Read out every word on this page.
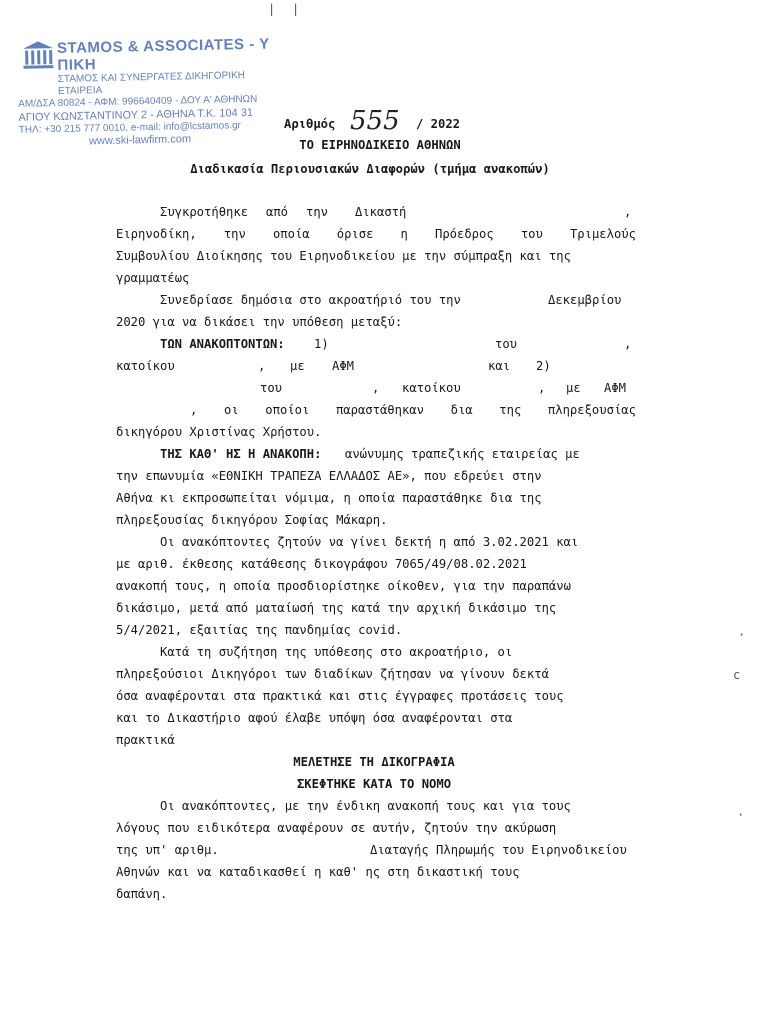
STAMOS & ASSOCIATES - Y ΠΙΚΗ
ΣΤΑΜΟΣ ΚΑΙ ΣΥΝΕΡΓΑΤΕΣ ΔΙΚΗΓΟΡΙΚΗ ΕΤΑΙΡΕΙΑ
ΑΜ/ΔΣΑ 80824 - ΑΦΜ: 996640409 - ΔΟΥ Α' ΑΘΗΝΩΝ
ΑΓΙΟΥ ΚΩΝΣΤΑΝΤΙΝΟΥ 2 - ΑΘΗΝΑ Τ.Κ. 104 31
ΤΗΛ: +30 215 777 0010, e-mail: info@lcstamos.gr
www.ski-lawfirm.com
Αριθμός 555 / 2022
ΤΟ ΕΙΡΗΝΟΔΙΚΕΙΟ ΑΘΗΝΩΝ
Διαδικασία Περιουσιακών Διαφορών (τμήμα ανακοπών)
Συγκροτήθηκε από την Δικαστή	,
Ειρηνοδίκη, την οποία όρισε η Πρόεδρος του Τριμελούς
Συμβουλίου Διοίκησης του Ειρηνοδικείου με την σύμπραξη και της
γραμματέως
Συνεδρίασε δημόσια στο ακροατήριό του την	Δεκεμβρίου
2020 για να δικάσει την υπόθεση μεταξύ:
ΤΩΝ ΑΝΑΚΟΠΤΟΝΤΩΝ: 1)	του	,
κατοίκου	, με ΑΦΜ	και 2)
του	, κατοίκου	, με ΑΦΜ
, οι οποίοι παραστάθηκαν δια της πληρεξουσίας
δικηγόρου Χριστίνας Χρήστου.
ΤΗΣ ΚΑΘ' ΗΣ Η ΑΝΑΚΟΠΗ: ανώνυμης τραπεζικής εταιρείας με
την επωνυμία «ΕΘΝΙΚΗ ΤΡΑΠΕΖΑ ΕΛΛΑΔΟΣ ΑΕ», που εδρεύει στην
Αθήνα κι εκπροσωπείται νόμιμα, η οποία παραστάθηκε δια της
πληρεξουσίας δικηγόρου Σοφίας Μάκαρη.
Οι ανακόπτοντες ζητούν να γίνει δεκτή η από 3.02.2021 και
με αριθ. έκθεσης κατάθεσης δικογράφου 7065/49/08.02.2021
ανακοπή τους, η οποία προσδιορίστηκε οίκοθεν, για την παραπάνω
δικάσιμο, μετά από ματαίωσή της κατά την αρχική δικάσιμο της
5/4/2021, εξαιτίας της πανδημίας covid.
Κατά τη συζήτηση της υπόθεσης στο ακροατήριο, οι
πληρεξούσιοι Δικηγόροι των διαδίκων ζήτησαν να γίνουν δεκτά
όσα αναφέρονται στα πρακτικά και στις έγγραφες προτάσεις τους
και το Δικαστήριο αφού έλαβε υπόψη όσα αναφέρονται στα
πρακτικά
ΜΕΛΕΤΗΣΕ ΤΗ ΔΙΚΟΓΡΑΦΙΑ
ΣΚΕΦΤΗΚΕ ΚΑΤΑ ΤΟ ΝΟΜΟ
Οι ανακόπτοντες, με την ένδικη ανακοπή τους και για τους
λόγους που ειδικότερα αναφέρουν σε αυτήν, ζητούν την ακύρωση
της υπ' αριθμ.	Διαταγής Πληρωμής του Ειρηνοδικείου
Αθηνών και να καταδικασθεί η καθ' ης στη δικαστική τους
δαπάνη.
| |
·
c
·
